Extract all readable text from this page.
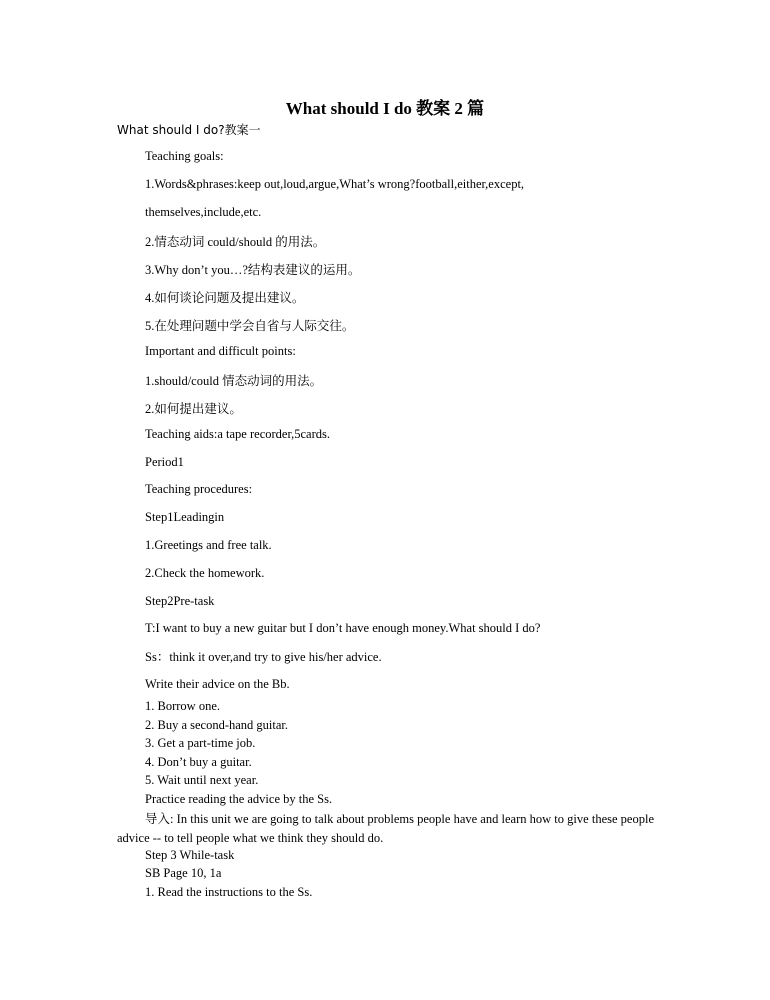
What should I do 教案 2 篇
What should I do?教案一
Teaching goals:
1.Words&phrases:keep out,loud,argue,What’s wrong?football,either,except,
themselves,include,etc.
2.情态动词 could/should 的用法。
3.Why don’t you…?结构表建议的运用。
4.如何谈论问题及提出建议。
5.在处理问题中学会自省与人际交往。
Important and difficult points:
1.should/could 情态动词的用法。
2.如何提出建议。
Teaching aids:a tape recorder,5cards.
Period1
Teaching procedures:
Step1Leadingin
1.Greetings and free talk.
2.Check the homework.
Step2Pre-task
T:I want to buy a new guitar but I don’t have enough money.What should I do?
Ss：think it over,and try to give his/her advice.
Write their advice on the Bb.
1. Borrow one.
2. Buy a second-hand guitar.
3. Get a part-time job.
4. Don’t buy a guitar.
5. Wait until next year.
Practice reading the advice by the Ss.
导入: In this unit we are going to talk about problems people have and learn how to give these people advice -- to tell people what we think they should do.
Step 3 While-task
SB Page 10, 1a
1. Read the instructions to the Ss.
